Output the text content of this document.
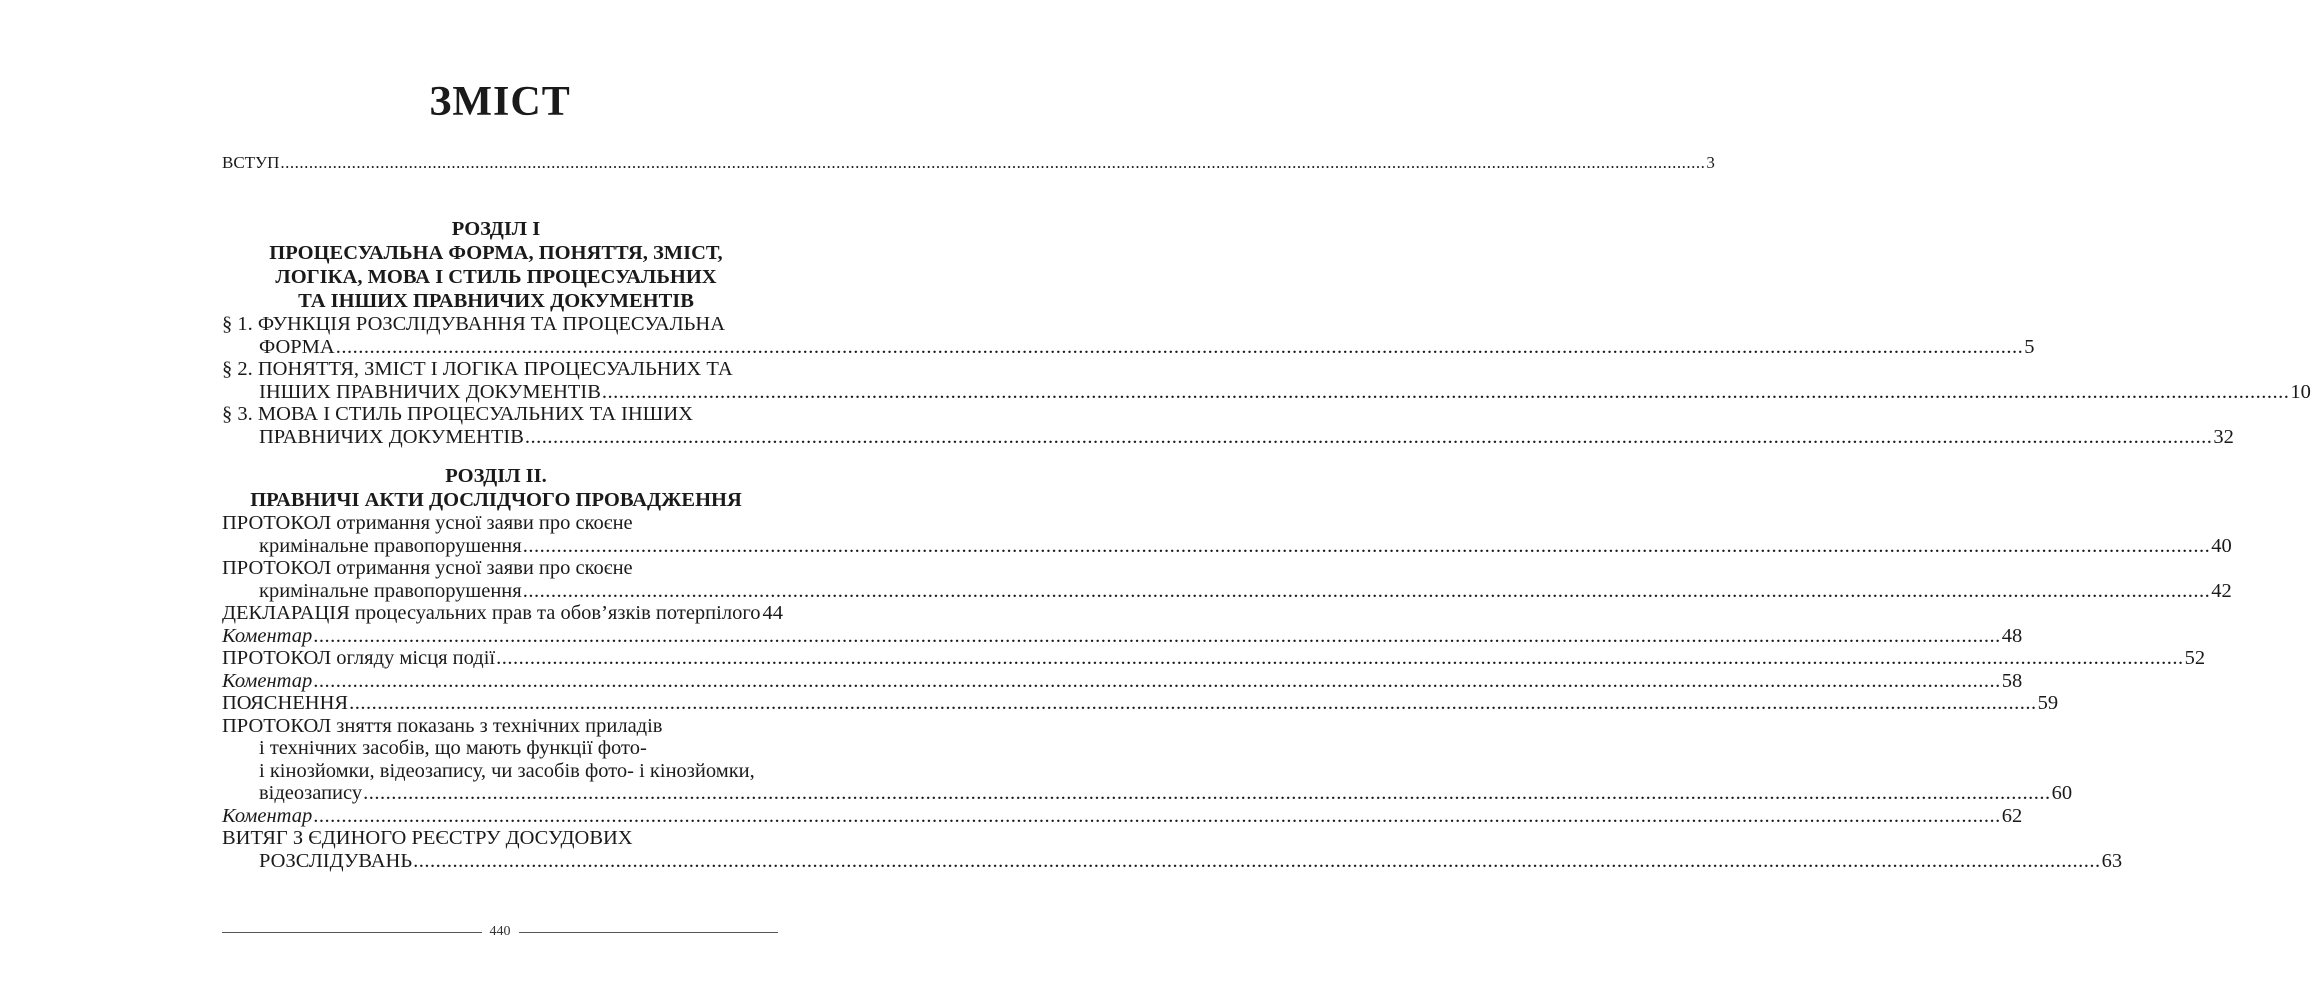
ЗМІСТ
ВСТУП ............................................................................................................................................................................................................................................................................................................ 3
РОЗДІЛ І
ПРОЦЕСУАЛЬНА ФОРМА, ПОНЯТТЯ, ЗМІСТ,
ЛОГІКА, МОВА І СТИЛЬ ПРОЦЕСУАЛЬНИХ
ТА ІНШИХ ПРАВНИЧИХ ДОКУМЕНТІВ
§ 1. ФУНКЦІЯ РОЗСЛІДУВАННЯ ТА ПРОЦЕСУАЛЬНА
ФОРМА ............................................................................................................................................................................................................................................................................................................ 5
§ 2. ПОНЯТТЯ, ЗМІСТ І ЛОГІКА ПРОЦЕСУАЛЬНИХ ТА
ІНШИХ ПРАВНИЧИХ ДОКУМЕНТІВ ............................................................................................................................................................................................................................................................................................................ 10
§ 3. МОВА І СТИЛЬ ПРОЦЕСУАЛЬНИХ ТА ІНШИХ
ПРАВНИЧИХ ДОКУМЕНТІВ ............................................................................................................................................................................................................................................................................................................ 32
РОЗДІЛ ІІ.
ПРАВНИЧІ АКТИ ДОСЛІДЧОГО ПРОВАДЖЕННЯ
ПРОТОКОЛ отримання усної заяви про скоєне
кримінальне правопорушення ............................................................................................................................................................................................................................................................................................................ 40
ПРОТОКОЛ отримання усної заяви про скоєне
кримінальне правопорушення ............................................................................................................................................................................................................................................................................................................ 42
ДЕКЛАРАЦІЯ процесуальних прав та обов’язків потерпілого 44
Коментар ............................................................................................................................................................................................................................................................................................................ 48
ПРОТОКОЛ огляду місця події ............................................................................................................................................................................................................................................................................................................ 52
Коментар ............................................................................................................................................................................................................................................................................................................ 58
ПОЯСНЕННЯ ............................................................................................................................................................................................................................................................................................................ 59
ПРОТОКОЛ зняття показань з технічних приладів
і технічних засобів, що мають функції фото-
і кінозйомки, відеозапису, чи засобів фото- і кінозйомки,
відеозапису ............................................................................................................................................................................................................................................................................................................ 60
Коментар ............................................................................................................................................................................................................................................................................................................ 62
ВИТЯГ З ЄДИНОГО РЕЄСТРУ ДОСУДОВИХ
РОЗСЛІДУВАНЬ ............................................................................................................................................................................................................................................................................................................ 63
440
